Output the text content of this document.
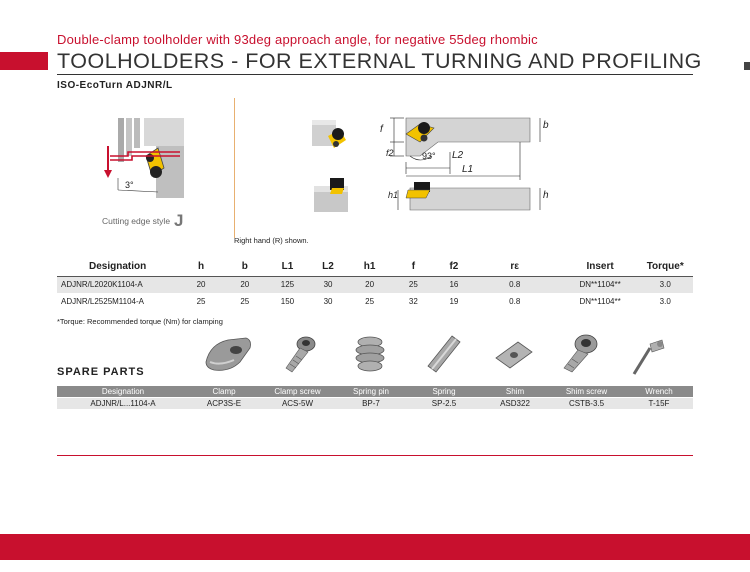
Double-clamp toolholder with 93deg approach angle, for negative 55deg rhombic
TOOLHOLDERS - FOR EXTERNAL TURNING AND PROFILING
ISO-EcoTurn ADJNR/L
3°
Cutting edge style J
f
f2	93° L2
L1
b
h1	h
Right hand (R) shown.
Designation	h	b	L1	L2	h1	f	f2	rε	Insert	Torque*
ADJNR/L2020K1104-A	20	20	125	30	20	25	16	0.8	DN**1104**	3.0
ADJNR/L2525M1104-A	25	25	150	30	25	32	19	0.8	DN**1104**	3.0
*Torque: Recommended torque (Nm) for clamping
SPARE PARTS
Designation	Clamp	Clamp screw	Spring pin	Spring	Shim	Shim screw	Wrench
ADJNR/L...1104-A	ACP3S-E	ACS-5W	BP-7	SP-2.5	ASD322	CSTB-3.5	T-15F
